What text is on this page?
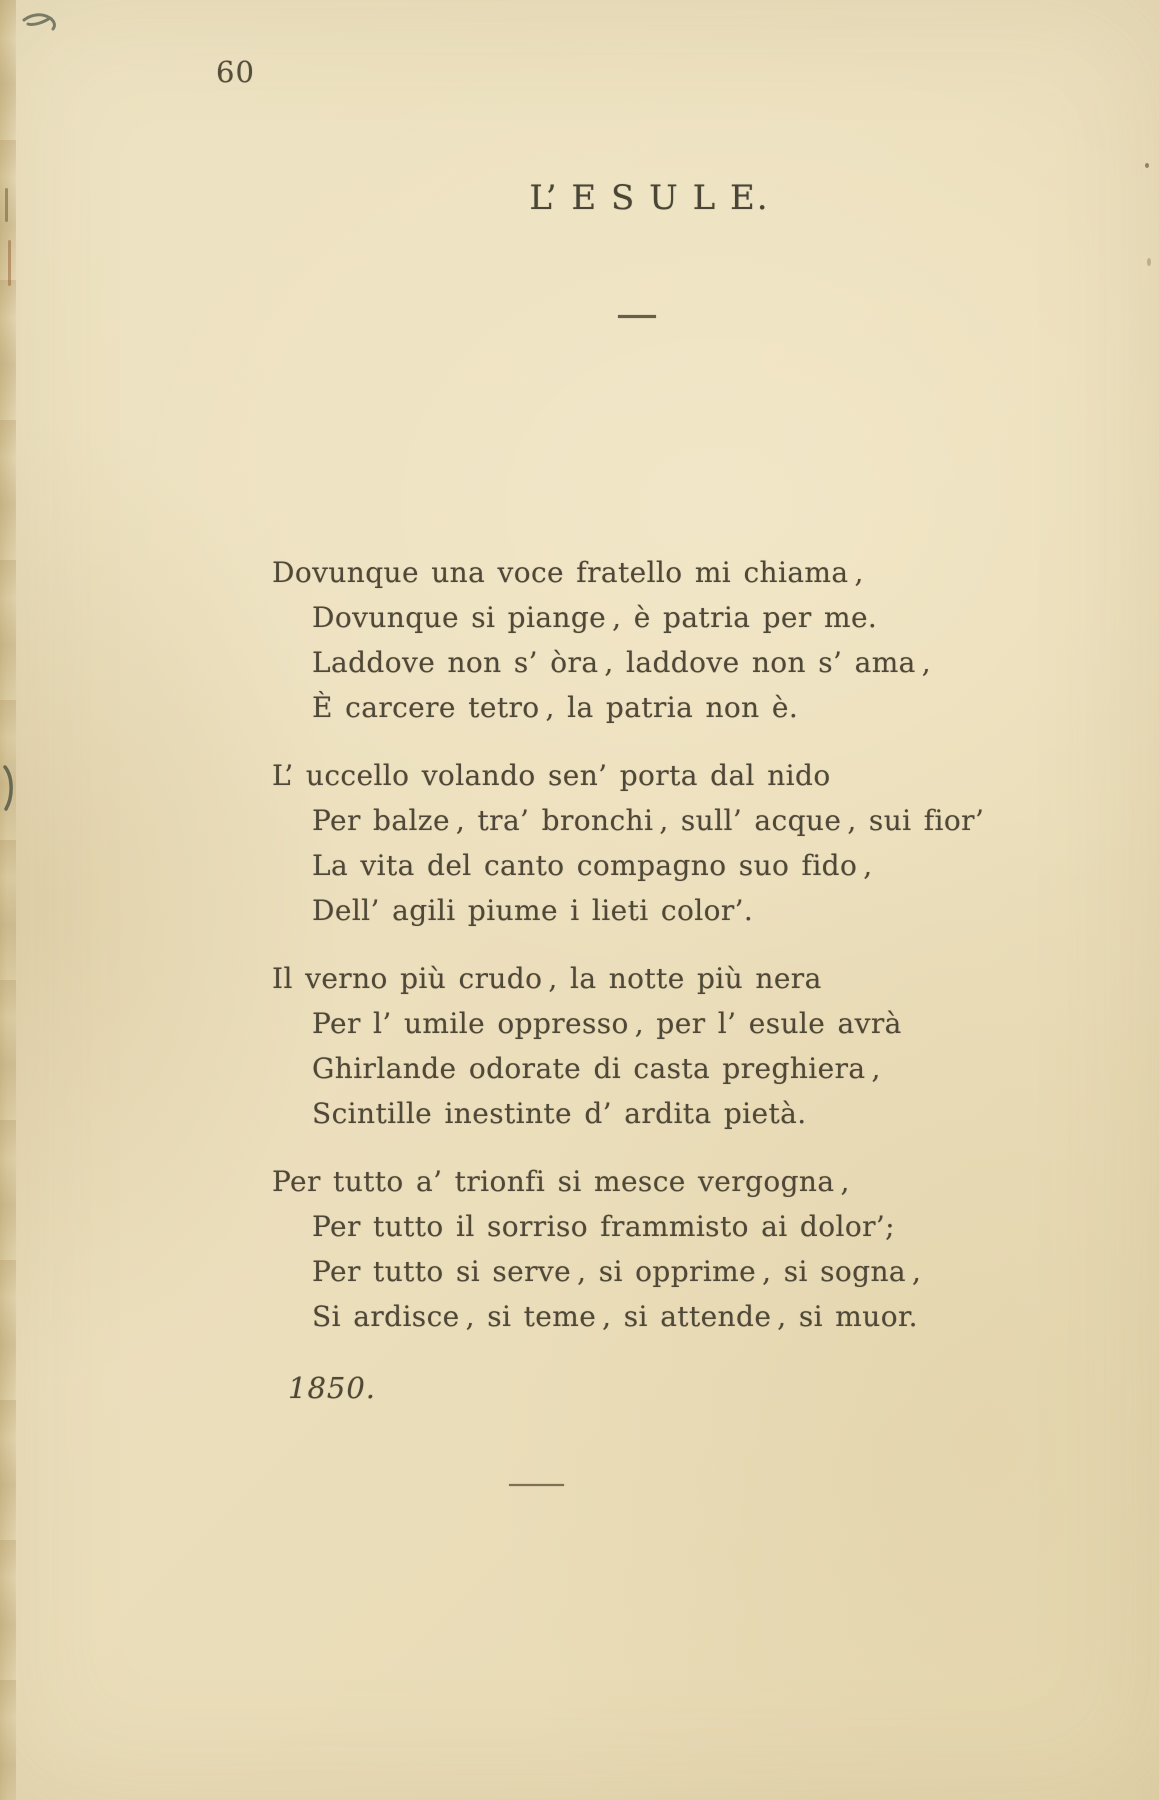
60
L’ E S U L E.
Dovunque una voce fratello mi chiama ,
Dovunque si piange , è patria per me.
Laddove non s’ òra , laddove non s’ ama ,
È carcere tetro , la patria non è.
L’ uccello volando sen’ porta dal nido
Per balze , tra’ bronchi , sull’ acque , sui fior’
La vita del canto compagno suo fido ,
Dell’ agili piume i lieti color’.
Il verno più crudo , la notte più nera
Per l’ umile oppresso , per l’ esule avrà
Ghirlande odorate di casta preghiera ,
Scintille inestinte d’ ardita pietà.
Per tutto a’ trionfi si mesce vergogna ,
Per tutto il sorriso frammisto ai dolor’;
Per tutto si serve , si opprime , si sogna ,
Si ardisce , si teme , si attende , si muor.
1850.
